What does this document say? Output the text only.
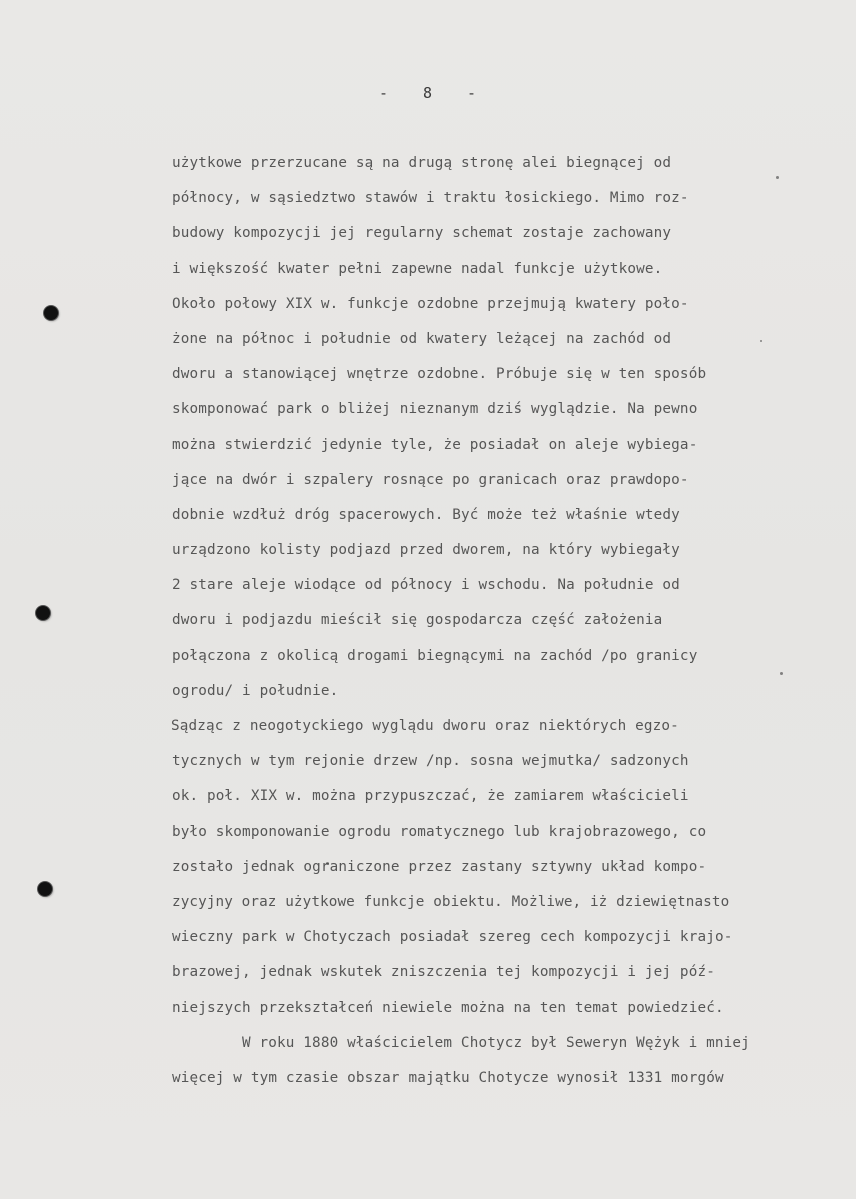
- 8 -
użytkowe przerzucane są na drugą stronę alei biegnącej od
północy, w sąsiedztwo stawów i traktu łosickiego. Mimo roz-
budowy kompozycji jej regularny schemat zostaje zachowany
i większość kwater pełni zapewne nadal funkcje użytkowe.
Około połowy XIX w. funkcje ozdobne przejmują kwatery poło-
żone na północ i południe od kwatery leżącej na zachód od
dworu a stanowiącej wnętrze ozdobne. Próbuje się w ten sposób
skomponować park o bliżej nieznanym dziś wyglądzie. Na pewno
można stwierdzić jedynie tyle, że posiadał on aleje wybiega-
jące na dwór i szpalery rosnące po granicach oraz prawdopo-
dobnie wzdłuż dróg spacerowych. Być może też właśnie wtedy
urządzono kolisty podjazd przed dworem, na który wybiegały
2 stare aleje wiodące od północy i wschodu. Na południe od
dworu i podjazdu mieścił się gospodarcza część założenia
połączona z okolicą drogami biegnącymi na zachód /po granicy
ogrodu/ i południe.
Sądząc z neogotyckiego wyglądu dworu oraz niektórych egzo-
tycznych w tym rejonie drzew /np. sosna wejmutka/ sadzonych
ok. poł. XIX w. można przypuszczać, że zamiarem właścicieli
było skomponowanie ogrodu romatycznego lub krajobrazowego, co
zostało jednak ograniczone przez zastany sztywny układ kompo-
zycyjny oraz użytkowe funkcje obiektu. Możliwe, iż dziewiętnasto
wieczny park w Chotyczach posiadał szereg cech kompozycji krajo-
brazowej, jednak wskutek zniszczenia tej kompozycji i jej póź-
niejszych przekształceń niewiele można na ten temat powiedzieć.
W roku 1880 właścicielem Chotycz był Seweryn Wężyk i mniej
więcej w tym czasie obszar majątku Chotycze wynosił 1331 morgów
